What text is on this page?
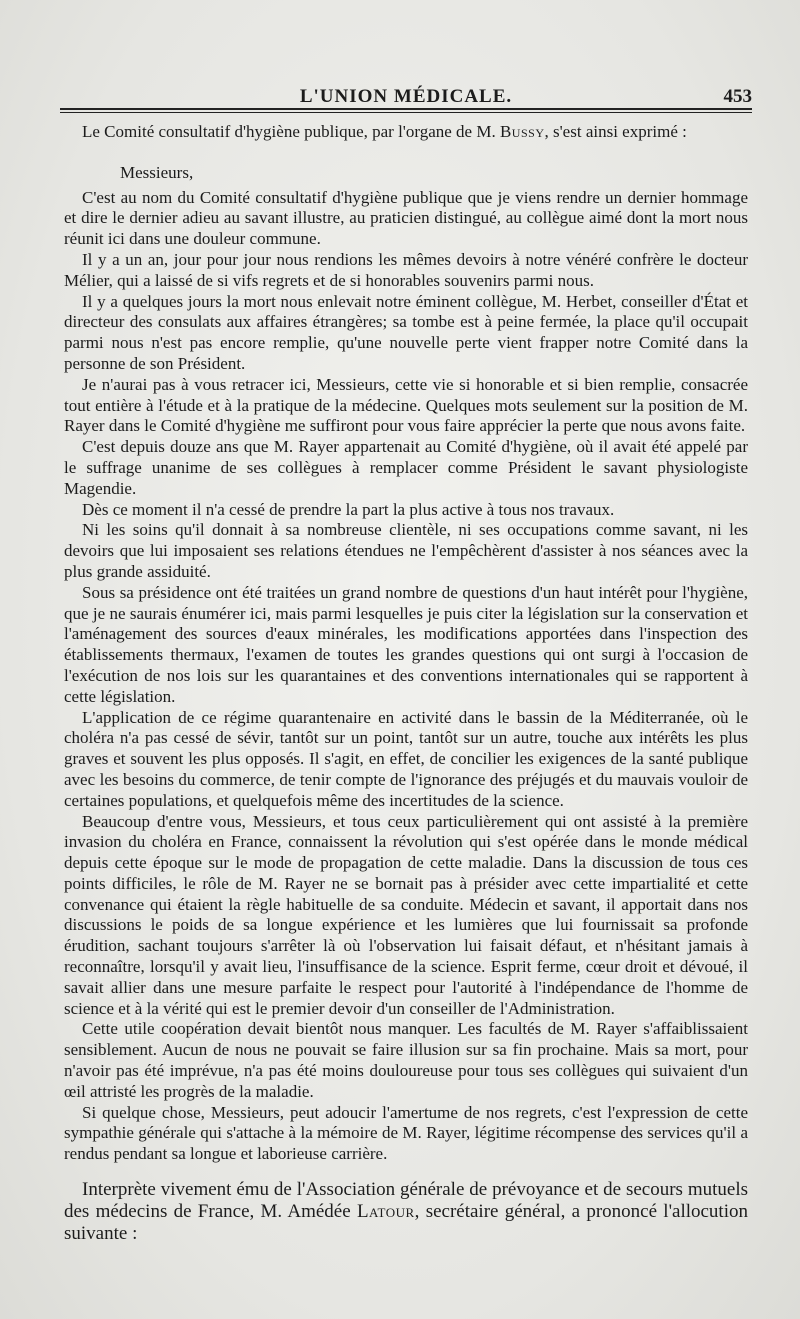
L'UNION MÉDICALE.	453

Le Comité consultatif d'hygiène publique, par l'organe de M. Bussy, s'est ainsi exprimé :

Messieurs,

C'est au nom du Comité consultatif d'hygiène publique que je viens rendre un dernier hommage et dire le dernier adieu au savant illustre, au praticien distingué, au collègue aimé dont la mort nous réunit ici dans une douleur commune.

Il y a un an, jour pour jour nous rendions les mêmes devoirs à notre vénéré confrère le docteur Mélier, qui a laissé de si vifs regrets et de si honorables souvenirs parmi nous.

Il y a quelques jours la mort nous enlevait notre éminent collègue, M. Herbet, conseiller d'État et directeur des consulats aux affaires étrangères; sa tombe est à peine fermée, la place qu'il occupait parmi nous n'est pas encore remplie, qu'une nouvelle perte vient frapper notre Comité dans la personne de son Président.

Je n'aurai pas à vous retracer ici, Messieurs, cette vie si honorable et si bien remplie, consacrée tout entière à l'étude et à la pratique de la médecine. Quelques mots seulement sur la position de M. Rayer dans le Comité d'hygiène me suffiront pour vous faire apprécier la perte que nous avons faite.

C'est depuis douze ans que M. Rayer appartenait au Comité d'hygiène, où il avait été appelé par le suffrage unanime de ses collègues à remplacer comme Président le savant physiologiste Magendie.

Dès ce moment il n'a cessé de prendre la part la plus active à tous nos travaux.

Ni les soins qu'il donnait à sa nombreuse clientèle, ni ses occupations comme savant, ni les devoirs que lui imposaient ses relations étendues ne l'empêchèrent d'assister à nos séances avec la plus grande assiduité.

Sous sa présidence ont été traitées un grand nombre de questions d'un haut intérêt pour l'hygiène, que je ne saurais énumérer ici, mais parmi lesquelles je puis citer la législation sur la conservation et l'aménagement des sources d'eaux minérales, les modifications apportées dans l'inspection des établissements thermaux, l'examen de toutes les grandes questions qui ont surgi à l'occasion de l'exécution de nos lois sur les quarantaines et des conventions internationales qui se rapportent à cette législation.

L'application de ce régime quarantenaire en activité dans le bassin de la Méditerranée, où le choléra n'a pas cessé de sévir, tantôt sur un point, tantôt sur un autre, touche aux intérêts les plus graves et souvent les plus opposés. Il s'agit, en effet, de concilier les exigences de la santé publique avec les besoins du commerce, de tenir compte de l'ignorance des préjugés et du mauvais vouloir de certaines populations, et quelquefois même des incertitudes de la science.

Beaucoup d'entre vous, Messieurs, et tous ceux particulièrement qui ont assisté à la première invasion du choléra en France, connaissent la révolution qui s'est opérée dans le monde médical depuis cette époque sur le mode de propagation de cette maladie. Dans la discussion de tous ces points difficiles, le rôle de M. Rayer ne se bornait pas à présider avec cette impartialité et cette convenance qui étaient la règle habituelle de sa conduite. Médecin et savant, il apportait dans nos discussions le poids de sa longue expérience et les lumières que lui fournissait sa profonde érudition, sachant toujours s'arrêter là où l'observation lui faisait défaut, et n'hésitant jamais à reconnaître, lorsqu'il y avait lieu, l'insuffisance de la science. Esprit ferme, cœur droit et dévoué, il savait allier dans une mesure parfaite le respect pour l'autorité à l'indépendance de l'homme de science et à la vérité qui est le premier devoir d'un conseiller de l'Administration.

Cette utile coopération devait bientôt nous manquer. Les facultés de M. Rayer s'affaiblissaient sensiblement. Aucun de nous ne pouvait se faire illusion sur sa fin prochaine. Mais sa mort, pour n'avoir pas été imprévue, n'a pas été moins douloureuse pour tous ses collègues qui suivaient d'un œil attristé les progrès de la maladie.

Si quelque chose, Messieurs, peut adoucir l'amertume de nos regrets, c'est l'expression de cette sympathie générale qui s'attache à la mémoire de M. Rayer, légitime récompense des services qu'il a rendus pendant sa longue et laborieuse carrière.

Interprète vivement ému de l'Association générale de prévoyance et de secours mutuels des médecins de France, M. Amédée Latour, secrétaire général, a prononcé l'allocution suivante :
